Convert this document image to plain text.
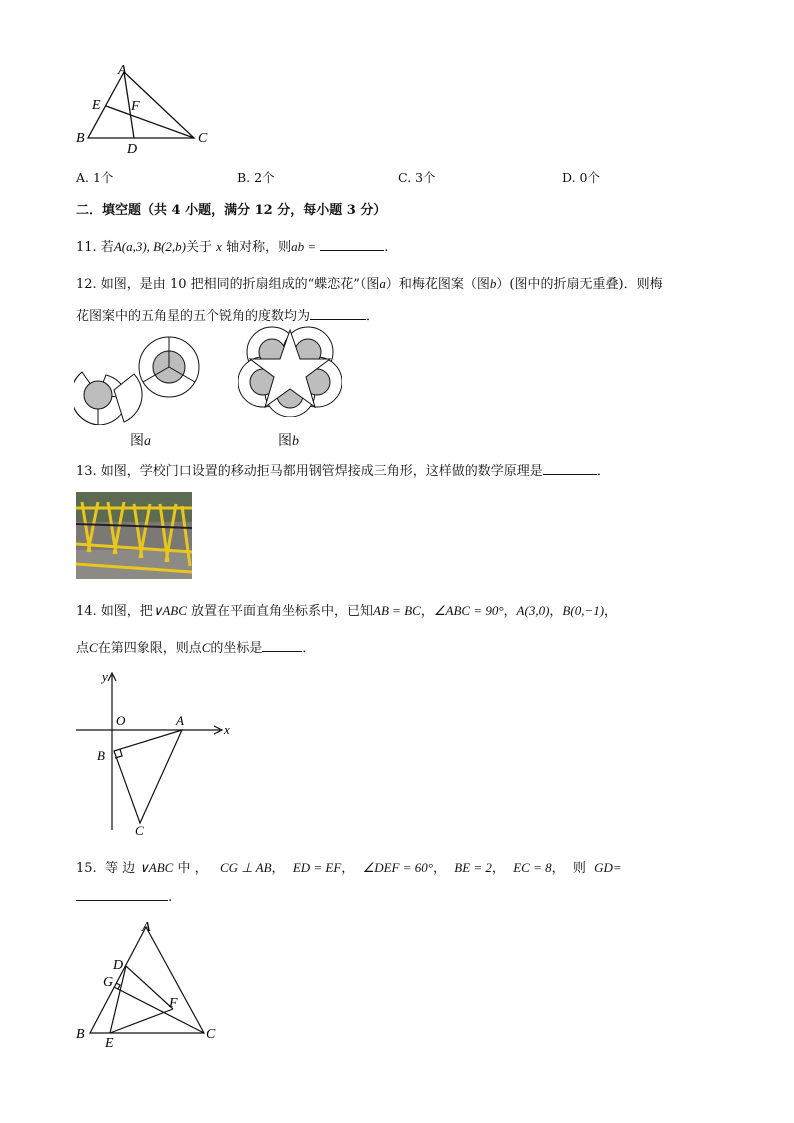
A
E F
B
D
C
A. 1个	B. 2个	C. 3个	D. 0个
二．填空题（共 4 小题，满分 12 分，每小题 3 分）
11. 若A(a,3), B(2,b)关于 x 轴对称，则ab =	.
12. 如图，是由 10 把相同的折扇组成的“蝶恋花”（图a）和梅花图案（图b）(图中的折扇无重叠)．则梅
花图案中的五角星的五个锐角的度数均为	．
图a	图b
13. 如图，学校门口设置的移动拒马都用钢管焊接成三角形，这样做的数学原理是	．
14. 如图，把∨ABC 放置在平面直角坐标系中，已知AB = BC，∠ABC = 90°，A(3,0)，B(0,−1)，
点C在第四象限，则点C的坐标是	．
y
x
O	A
B
C
15. 等 边 ∨ABC 中 ， CG ⊥ AB， ED = EF， ∠DEF = 60°， BE = 2， EC = 8， 则 GD=
.
A
D
G
F
B
E
C
